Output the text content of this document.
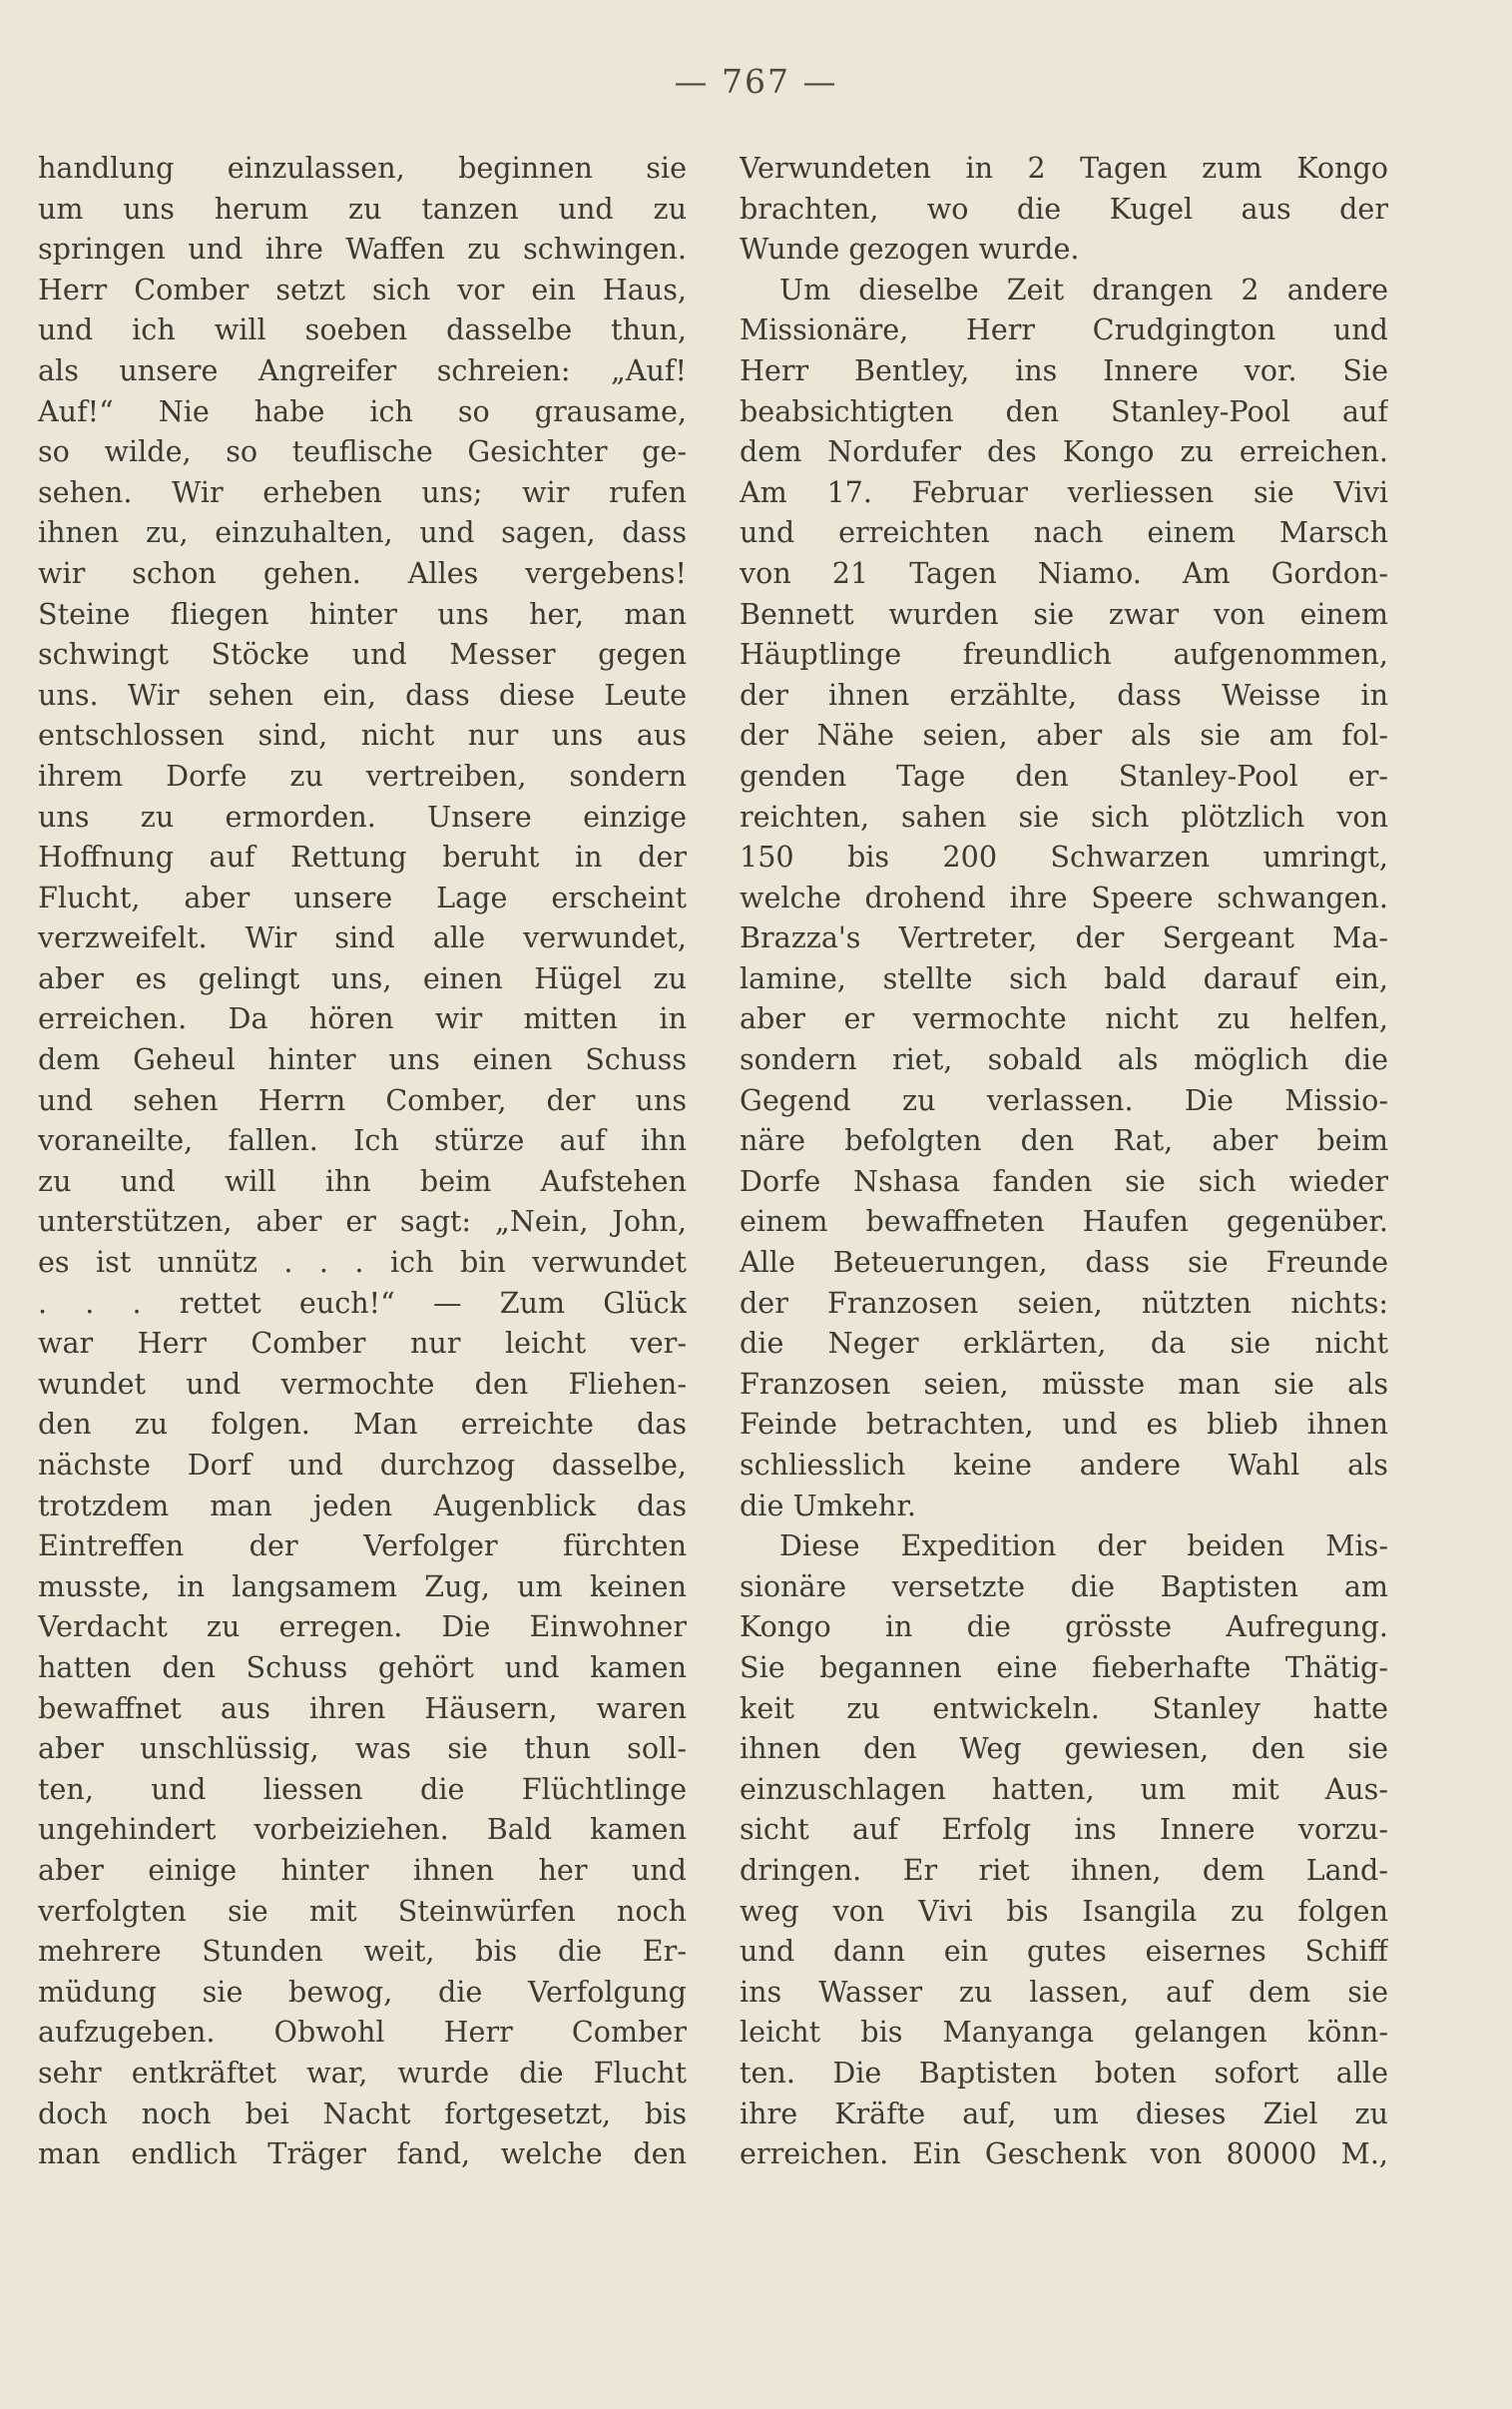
— 767 —
handlung einzulassen, beginnen sie
um uns herum zu tanzen und zu
springen und ihre Waffen zu schwingen.
Herr Comber setzt sich vor ein Haus,
und ich will soeben dasselbe thun,
als unsere Angreifer schreien: „Auf!
Auf!“ Nie habe ich so grausame,
so wilde, so teuflische Gesichter ge-
sehen. Wir erheben uns; wir rufen
ihnen zu, einzuhalten, und sagen, dass
wir schon gehen. Alles vergebens!
Steine fliegen hinter uns her, man
schwingt Stöcke und Messer gegen
uns. Wir sehen ein, dass diese Leute
entschlossen sind, nicht nur uns aus
ihrem Dorfe zu vertreiben, sondern
uns zu ermorden. Unsere einzige
Hoffnung auf Rettung beruht in der
Flucht, aber unsere Lage erscheint
verzweifelt. Wir sind alle verwundet,
aber es gelingt uns, einen Hügel zu
erreichen. Da hören wir mitten in
dem Geheul hinter uns einen Schuss
und sehen Herrn Comber, der uns
voraneilte, fallen. Ich stürze auf ihn
zu und will ihn beim Aufstehen
unterstützen, aber er sagt: „Nein, John,
es ist unnütz . . . ich bin verwundet
. . . rettet euch!“ — Zum Glück
war Herr Comber nur leicht ver-
wundet und vermochte den Fliehen-
den zu folgen. Man erreichte das
nächste Dorf und durchzog dasselbe,
trotzdem man jeden Augenblick das
Eintreffen der Verfolger fürchten
musste, in langsamem Zug, um keinen
Verdacht zu erregen. Die Einwohner
hatten den Schuss gehört und kamen
bewaffnet aus ihren Häusern, waren
aber unschlüssig, was sie thun soll-
ten, und liessen die Flüchtlinge
ungehindert vorbeiziehen. Bald kamen
aber einige hinter ihnen her und
verfolgten sie mit Steinwürfen noch
mehrere Stunden weit, bis die Er-
müdung sie bewog, die Verfolgung
aufzugeben. Obwohl Herr Comber
sehr entkräftet war, wurde die Flucht
doch noch bei Nacht fortgesetzt, bis
man endlich Träger fand, welche den
Verwundeten in 2 Tagen zum Kongo
brachten, wo die Kugel aus der
Wunde gezogen wurde.
Um dieselbe Zeit drangen 2 andere
Missionäre, Herr Crudgington und
Herr Bentley, ins Innere vor. Sie
beabsichtigten den Stanley-Pool auf
dem Nordufer des Kongo zu erreichen.
Am 17. Februar verliessen sie Vivi
und erreichten nach einem Marsch
von 21 Tagen Niamo. Am Gordon-
Bennett wurden sie zwar von einem
Häuptlinge freundlich aufgenommen,
der ihnen erzählte, dass Weisse in
der Nähe seien, aber als sie am fol-
genden Tage den Stanley-Pool er-
reichten, sahen sie sich plötzlich von
150 bis 200 Schwarzen umringt,
welche drohend ihre Speere schwangen.
Brazza's Vertreter, der Sergeant Ma-
lamine, stellte sich bald darauf ein,
aber er vermochte nicht zu helfen,
sondern riet, sobald als möglich die
Gegend zu verlassen. Die Missio-
näre befolgten den Rat, aber beim
Dorfe Nshasa fanden sie sich wieder
einem bewaffneten Haufen gegenüber.
Alle Beteuerungen, dass sie Freunde
der Franzosen seien, nützten nichts:
die Neger erklärten, da sie nicht
Franzosen seien, müsste man sie als
Feinde betrachten, und es blieb ihnen
schliesslich keine andere Wahl als
die Umkehr.
Diese Expedition der beiden Mis-
sionäre versetzte die Baptisten am
Kongo in die grösste Aufregung.
Sie begannen eine fieberhafte Thätig-
keit zu entwickeln. Stanley hatte
ihnen den Weg gewiesen, den sie
einzuschlagen hatten, um mit Aus-
sicht auf Erfolg ins Innere vorzu-
dringen. Er riet ihnen, dem Land-
weg von Vivi bis Isangila zu folgen
und dann ein gutes eisernes Schiff
ins Wasser zu lassen, auf dem sie
leicht bis Manyanga gelangen könn-
ten. Die Baptisten boten sofort alle
ihre Kräfte auf, um dieses Ziel zu
erreichen. Ein Geschenk von 80000 M.,
